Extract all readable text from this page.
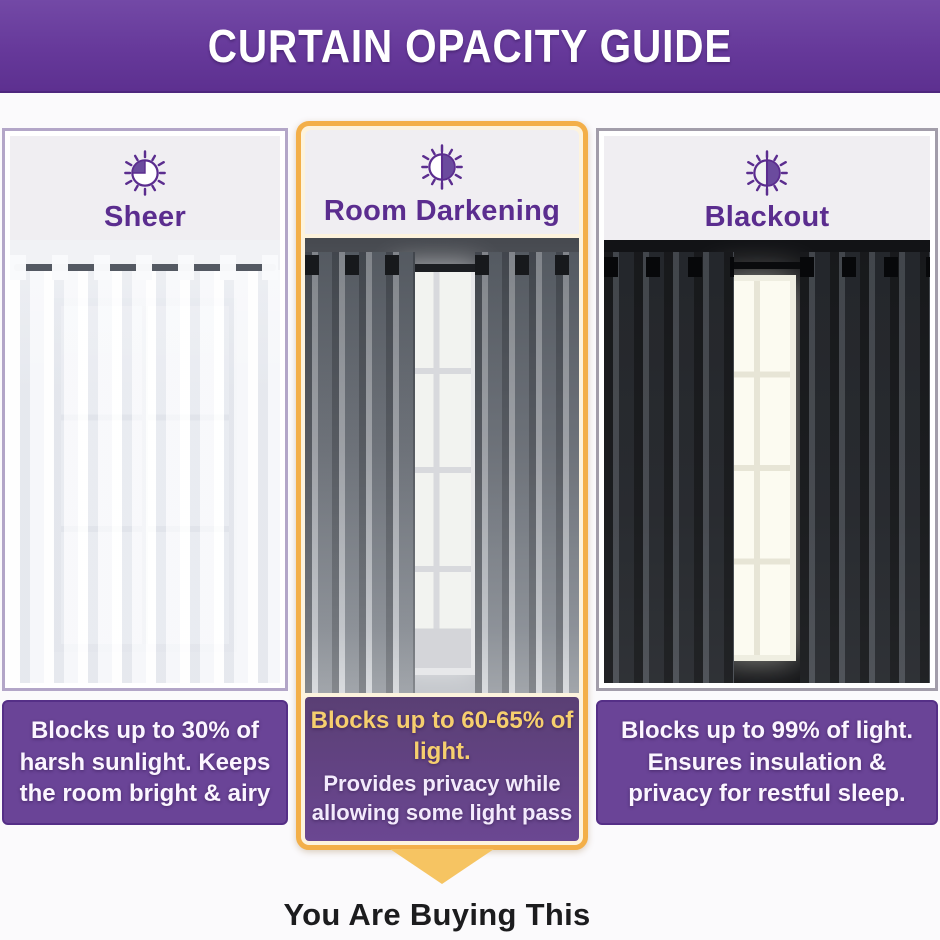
CURTAIN OPACITY GUIDE
Sheer
Blocks up to 30% of harsh sunlight. Keeps the room bright & airy
Room Darkening
Blocks up to 60-65% of light.
Provides privacy while allowing some light pass
Blackout
Blocks up to 99% of light. Ensures insulation & privacy for restful sleep.
You Are Buying This
